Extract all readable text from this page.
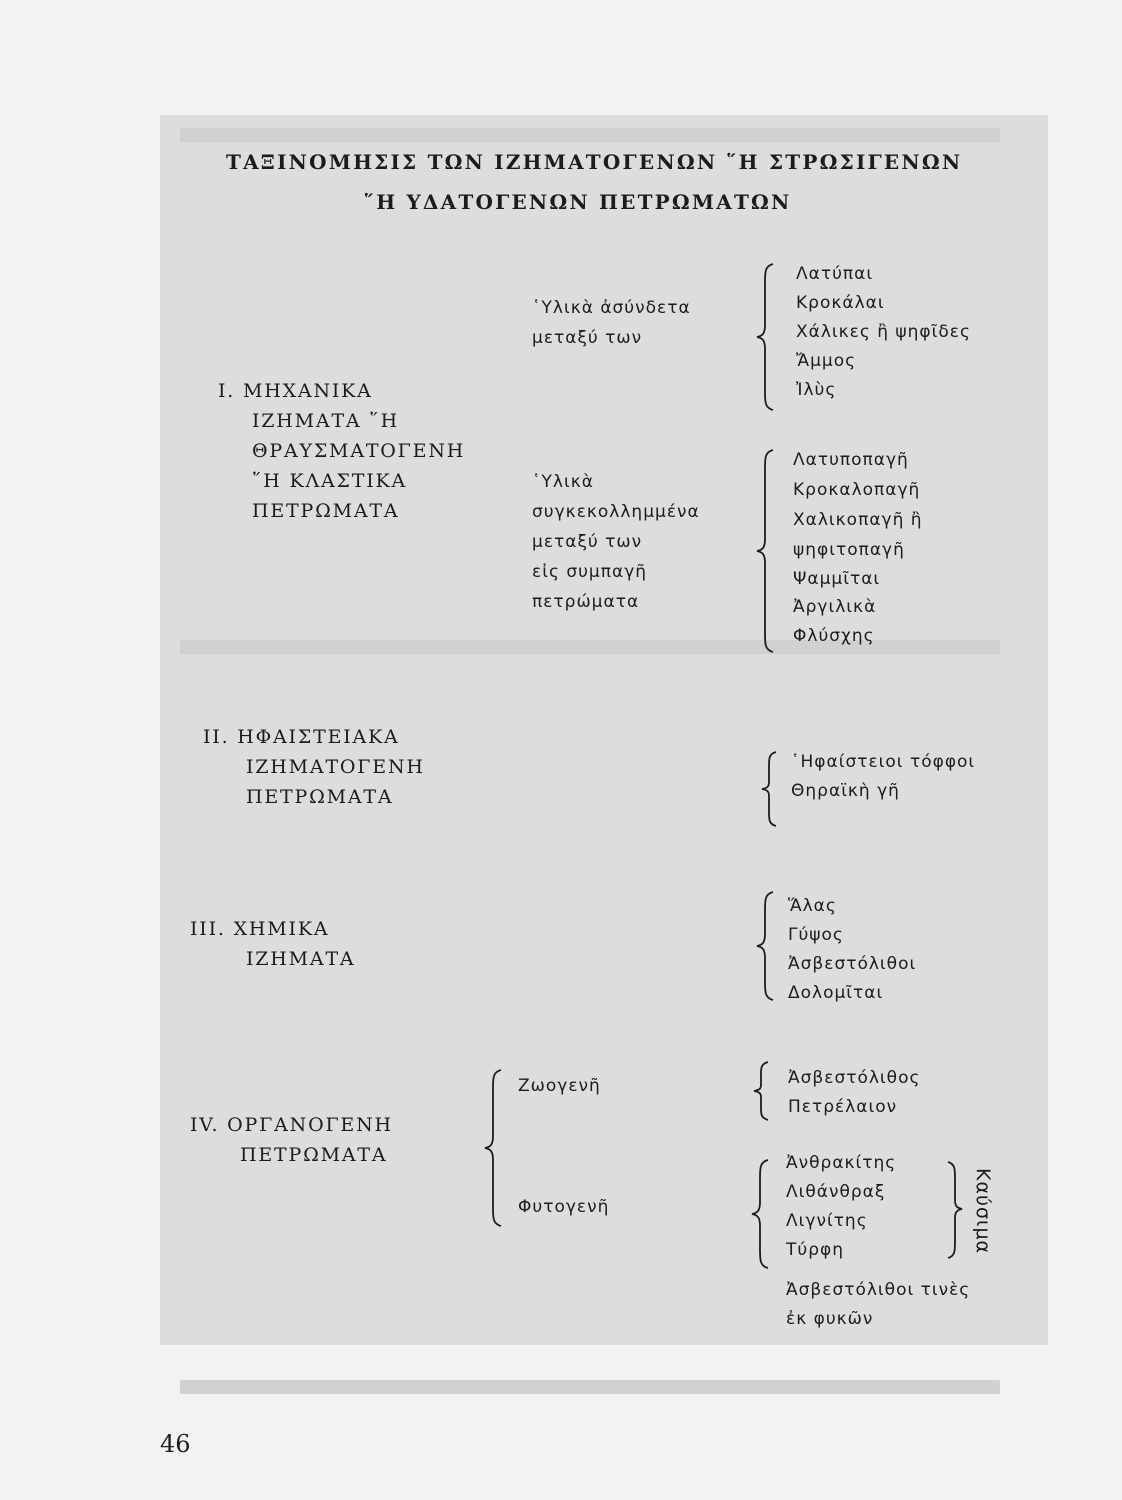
ΤΑΞΙΝΟΜΗΣΙΣ ΤΩΝ ΙΖΗΜΑΤΟΓΕΝΩΝ ῞Η ΣΤΡΩΣΙΓΕΝΩΝ
῞Η ΥΔΑΤΟΓΕΝΩΝ ΠΕΤΡΩΜΑΤΩΝ
I. ΜΗΧΑΝΙΚΑ
ΙΖΗΜΑΤΑ ῞Η
ΘΡΑΥΣΜΑΤΟΓΕΝΗ
῞Η ΚΛΑΣΤΙΚΑ
ΠΕΤΡΩΜΑΤΑ
῾Υλικὰ ἀσύνδετα
μεταξύ των
Λατύπαι
Κροκάλαι
Χάλικες ἢ ψηφῖδες
Ἄμμος
Ἰλὺς
῾Υλικὰ
συγκεκολλημμένα
μεταξύ των
εἰς συμπαγῆ
πετρώματα
Λατυποπαγῆ
Κροκαλοπαγῆ
Χαλικοπαγῆ ἢ
ψηφιτοπαγῆ
Ψαμμῖται
Ἀργιλικὰ
Φλύσχης
II. ΗΦΑΙΣΤΕΙΑΚΑ
ΙΖΗΜΑΤΟΓΕΝΗ
ΠΕΤΡΩΜΑΤΑ
῾Ηφαίστειοι τόφφοι
Θηραϊκὴ γῆ
III. ΧΗΜΙΚΑ
ΙΖΗΜΑΤΑ
Ἅλας
Γύψος
Ἀσβεστόλιθοι
Δολομῖται
IV. ΟΡΓΑΝΟΓΕΝΗ
ΠΕΤΡΩΜΑΤΑ
Ζωογενῆ	Ἀσβεστόλιθος
Πετρέλαιον
Φυτογενῆ
Ἀνθρακίτης
Λιθάνθραξ
Λιγνίτης
Τύρφη	Καύσιμα
Ἀσβεστόλιθοι τινὲς
ἐκ φυκῶν
46
